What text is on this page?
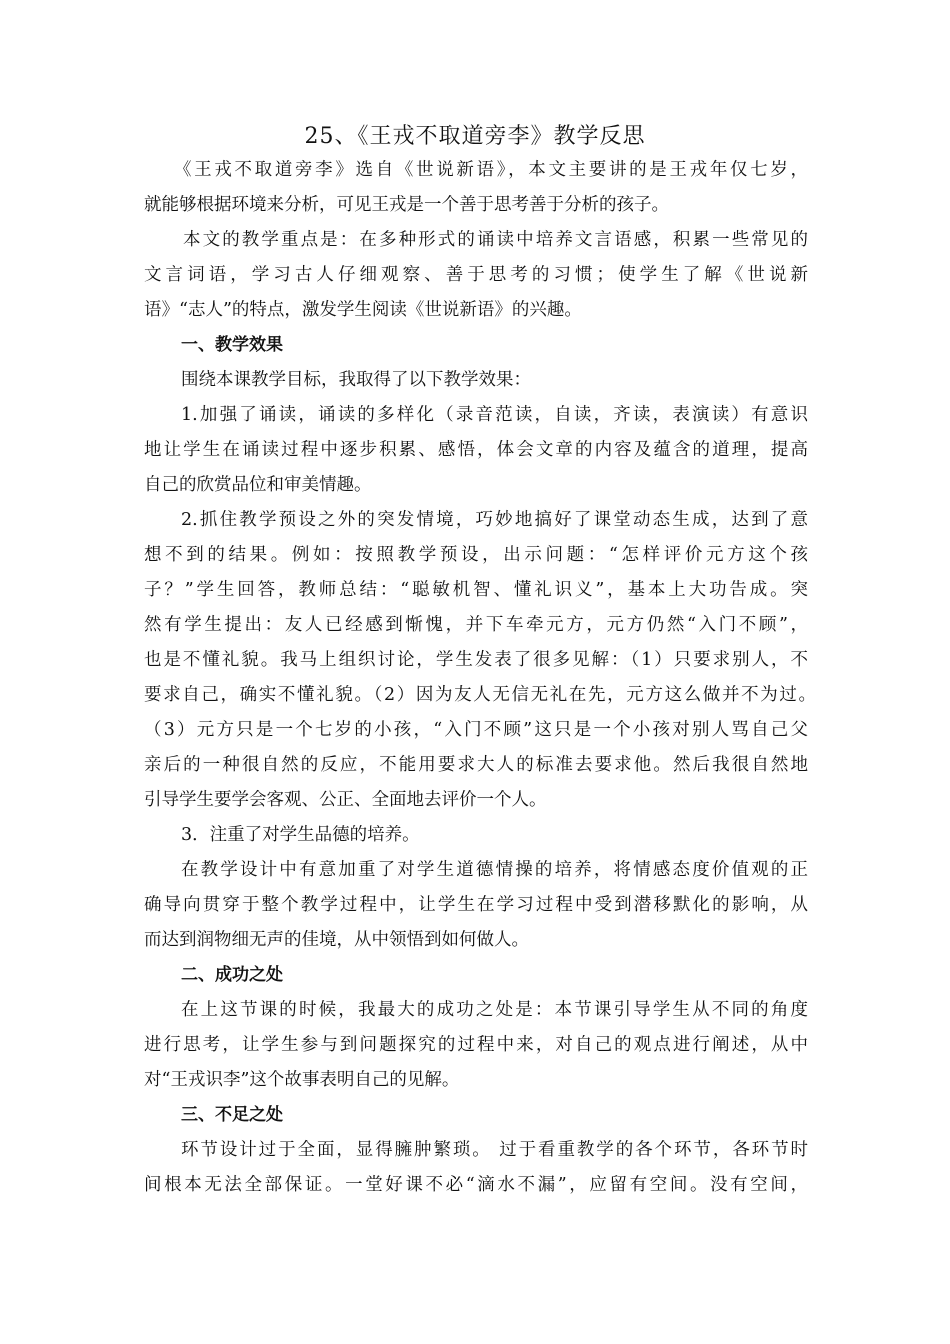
25、《王戎不取道旁李》教学反思
《王戎不取道旁李》选自《世说新语》，本文主要讲的是王戎年仅七岁，
就能够根据环境来分析，可见王戎是一个善于思考善于分析的孩子。
本文的教学重点是：在多种形式的诵读中培养文言语感，积累一些常见的
文言词语，学习古人仔细观察、善于思考的习惯；使学生了解《世说新
语》“志人”的特点，激发学生阅读《世说新语》的兴趣。
一、教学效果
围绕本课教学目标，我取得了以下教学效果：
1.加强了诵读，诵读的多样化（录音范读，自读，齐读，表演读）有意识
地让学生在诵读过程中逐步积累、感悟，体会文章的内容及蕴含的道理，提高
自己的欣赏品位和审美情趣。
2.抓住教学预设之外的突发情境，巧妙地搞好了课堂动态生成，达到了意
想不到的结果。例如：按照教学预设，出示问题：“怎样评价元方这个孩
子？”学生回答，教师总结：“聪敏机智、懂礼识义”，基本上大功告成。突
然有学生提出：友人已经感到惭愧，并下车牵元方，元方仍然“入门不顾”，
也是不懂礼貌。我马上组织讨论，学生发表了很多见解：（1）只要求别人，不
要求自己，确实不懂礼貌。（2）因为友人无信无礼在先，元方这么做并不为过。
（3）元方只是一个七岁的小孩，“入门不顾”这只是一个小孩对别人骂自己父
亲后的一种很自然的反应，不能用要求大人的标准去要求他。然后我很自然地
引导学生要学会客观、公正、全面地去评价一个人。
3．注重了对学生品德的培养。
在教学设计中有意加重了对学生道德情操的培养，将情感态度价值观的正
确导向贯穿于整个教学过程中，让学生在学习过程中受到潜移默化的影响，从
而达到润物细无声的佳境，从中领悟到如何做人。
二、成功之处
在上这节课的时候，我最大的成功之处是：本节课引导学生从不同的角度
进行思考，让学生参与到问题探究的过程中来，对自己的观点进行阐述，从中
对“王戎识李”这个故事表明自己的见解。
三、不足之处
环节设计过于全面，显得臃肿繁琐。 过于看重教学的各个环节，各环节时
间根本无法全部保证。一堂好课不必“滴水不漏”，应留有空间。没有空间，
